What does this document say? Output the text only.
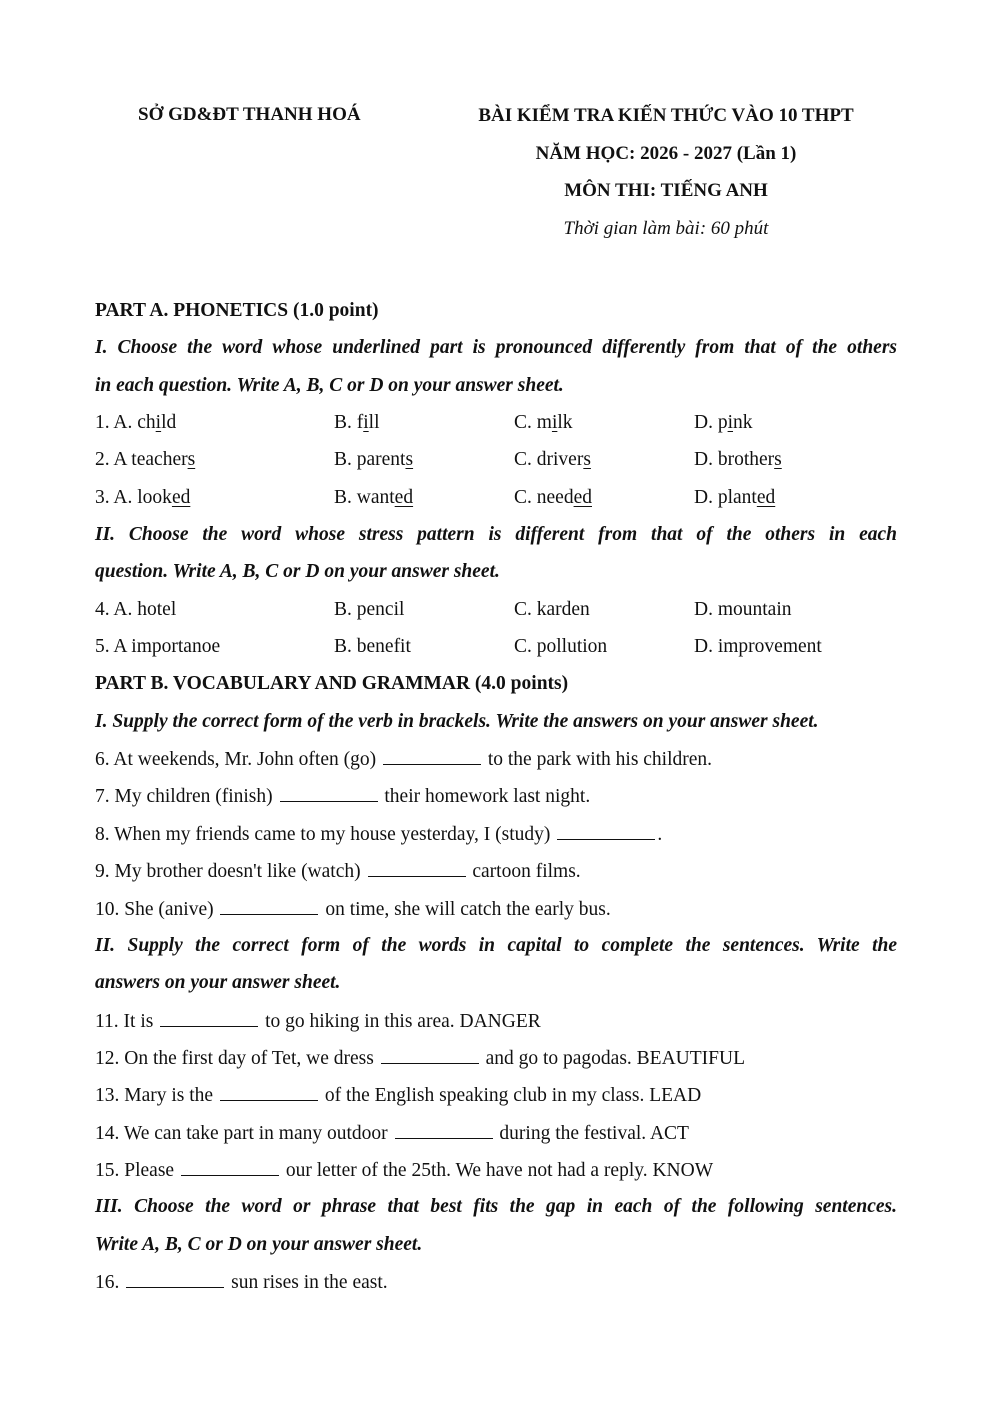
SỞ GD&ĐT THANH HOÁ	BÀI KIỂM TRA KIẾN THỨC VÀO 10 THPT
NĂM HỌC: 2026 - 2027 (Lần 1)
MÔN THI: TIẾNG ANH
Thời gian làm bài: 60 phút
PART A. PHONETICS (1.0 point)
I. Choose the word whose underlined part is pronounced differently from that of the others
in each question. Write A, B, C or D on your answer sheet.
1. A. child	B. fill	C. milk	D. pink
2. A teachers	B. parents	C. drivers	D. brothers
3. A. looked	B. wanted	C. needed	D. planted
II. Choose the word whose stress pattern is different from that of the others in each
question. Write A, B, C or D on your answer sheet.
4. A. hotel	B. pencil	C. karden	D. mountain
5. A importanoe	B. benefit	C. pollution	D. improvement
PART B. VOCABULARY AND GRAMMAR (4.0 points)
I. Supply the correct form of the verb in brackels. Write the answers on your answer sheet.
6. At weekends, Mr. John often (go)	to the park with his children.
7. My children (finish)	their homework last night.
8. When my friends came to my house yesterday, I (study)	.
9. My brother doesn't like (watch)	cartoon films.
10. She (anive)	on time, she will catch the early bus.
II. Supply the correct form of the words in capital to complete the sentences. Write the
answers on your answer sheet.
11. It is	to go hiking in this area. DANGER
12. On the first day of Tet, we dress	and go to pagodas. BEAUTIFUL
13. Mary is the	of the English speaking club in my class. LEAD
14. We can take part in many outdoor	during the festival. ACT
15. Please	our letter of the 25th. We have not had a reply. KNOW
III. Choose the word or phrase that best fits the gap in each of the following sentences.
Write A, B, C or D on your answer sheet.
16.	sun rises in the east.
